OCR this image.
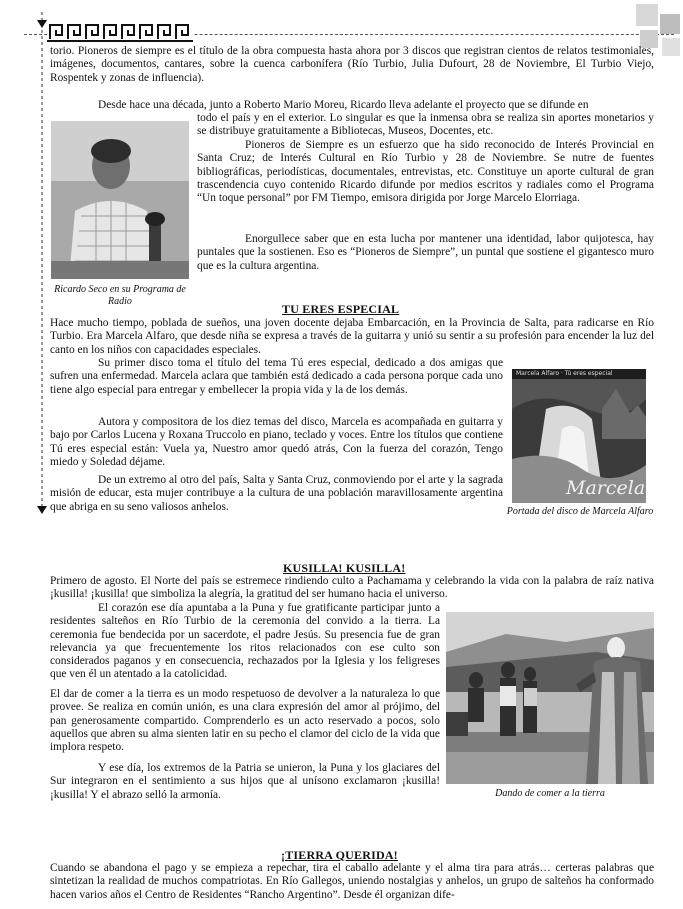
torio. Pioneros de siempre es el título de la obra compuesta hasta ahora por 3 discos que registran cientos de relatos testimoniales, imágenes, documentos, cantares, sobre la cuenca carbonífera (Río Turbio, Julia Dufourt, 28 de Noviembre, El Turbio Viejo, Rospentek y zonas de influencia).

Desde hace una década, junto a Roberto Mario Moreu, Ricardo lleva adelante el proyecto que se difunde en

Ricardo Seco en su Programa de Radio

todo el país y en el exterior. Lo singular es que la inmensa obra se realiza sin aportes monetarios y se distribuye gratuitamente a Bibliotecas, Museos, Docentes, etc.

Pioneros de Siempre es un esfuerzo que ha sido reconocido de Interés Provincial en Santa Cruz; de Interés Cultural en Río Turbio y 28 de Noviembre. Se nutre de fuentes bibliográficas, periodísticas, documentales, entrevistas, etc. Constituye un aporte cultural de gran trascendencia cuyo contenido Ricardo difunde por medios escritos y radiales como el Programa “Un toque personal” por FM Tiempo, emisora dirigida por Jorge Marcelo Elorriaga.

Enorgullece saber que en esta lucha por mantener una identidad, labor quijotesca, hay puntales que la sostienen. Eso es “Pioneros de Siempre”, un puntal que sostiene el gigantesco muro que es la cultura argentina.

TU ERES ESPECIAL

Hace mucho tiempo, poblada de sueños, una joven docente dejaba Embarcación, en la Provincia de Salta, para radicarse en Río Turbio. Era Marcela Alfaro, que desde niña se expresa a través de la guitarra y unió su sentir a su profesión para encender la luz del canto en los niños con capacidades especiales.

Su primer disco toma el título del tema Tú eres especial, dedicado a dos amigas que sufren una enfermedad. Marcela aclara que también está dedicado a cada persona porque cada uno tiene algo especial para entregar y embellecer la propia vida y la de los demás.

Autora y compositora de los diez temas del disco, Marcela es acompañada en guitarra y bajo por Carlos Lucena y Roxana Truccolo en piano, teclado y voces. Entre los títulos que contiene Tú eres especial están: Vuela ya, Nuestro amor quedó atrás, Con la fuerza del corazón, Tengo miedo y Soledad déjame.

De un extremo al otro del país, Salta y Santa Cruz, conmoviendo por el arte y la sagrada misión de educar, esta mujer contribuye a la cultura de una población maravillosamente argentina que abriga en su seno valiosos anhelos.

Marcela Alfaro · Tú eres especial
Marcela

Portada del disco de Marcela Alfaro

KUSILLA! KUSILLA!

Primero de agosto. El Norte del país se estremece rindiendo culto a Pachamama y celebrando la vida con la palabra de raíz nativa ¡kusilla! ¡kusilla! que simboliza la alegría, la gratitud del ser humano hacia el universo.

El corazón ese día apuntaba a la Puna y fue gratificante participar junto a residentes salteños en Río Turbio de la ceremonia del convido a la tierra. La ceremonia fue bendecida por un sacerdote, el padre Jesús. Su presencia fue de gran relevancia ya que frecuentemente los ritos relacionados con ese culto son considerados paganos y en consecuencia, rechazados por la Iglesia y los feligreses que ven él un atentado a la catolicidad.

El dar de comer a la tierra es un modo respetuoso de devolver a la naturaleza lo que provee. Se realiza en común unión, es una clara expresión del amor al prójimo, del pan generosamente compartido. Comprenderlo es un acto reservado a pocos, solo aquellos que abren su alma sienten latir en su pecho el clamor del ciclo de la vida que implora respeto.

Y ese día, los extremos de la Patria se unieron, la Puna y los glaciares del Sur integraron en el sentimiento a sus hijos que al unísono exclamaron ¡kusilla! ¡kusilla! Y el abrazo selló la armonía.	Dando de comer a la tierra

¡TIERRA QUERIDA!

Cuando se abandona el pago y se empieza a repechar, tira el caballo adelante y el alma tira para atrás… certeras palabras que sintetizan la realidad de muchos compatriotas. En Río Gallegos, uniendo nostalgias y anhelos, un grupo de salteños ha conformado hacen varios años el Centro de Residentes “Rancho Argentino”. Desde él organizan dife-
